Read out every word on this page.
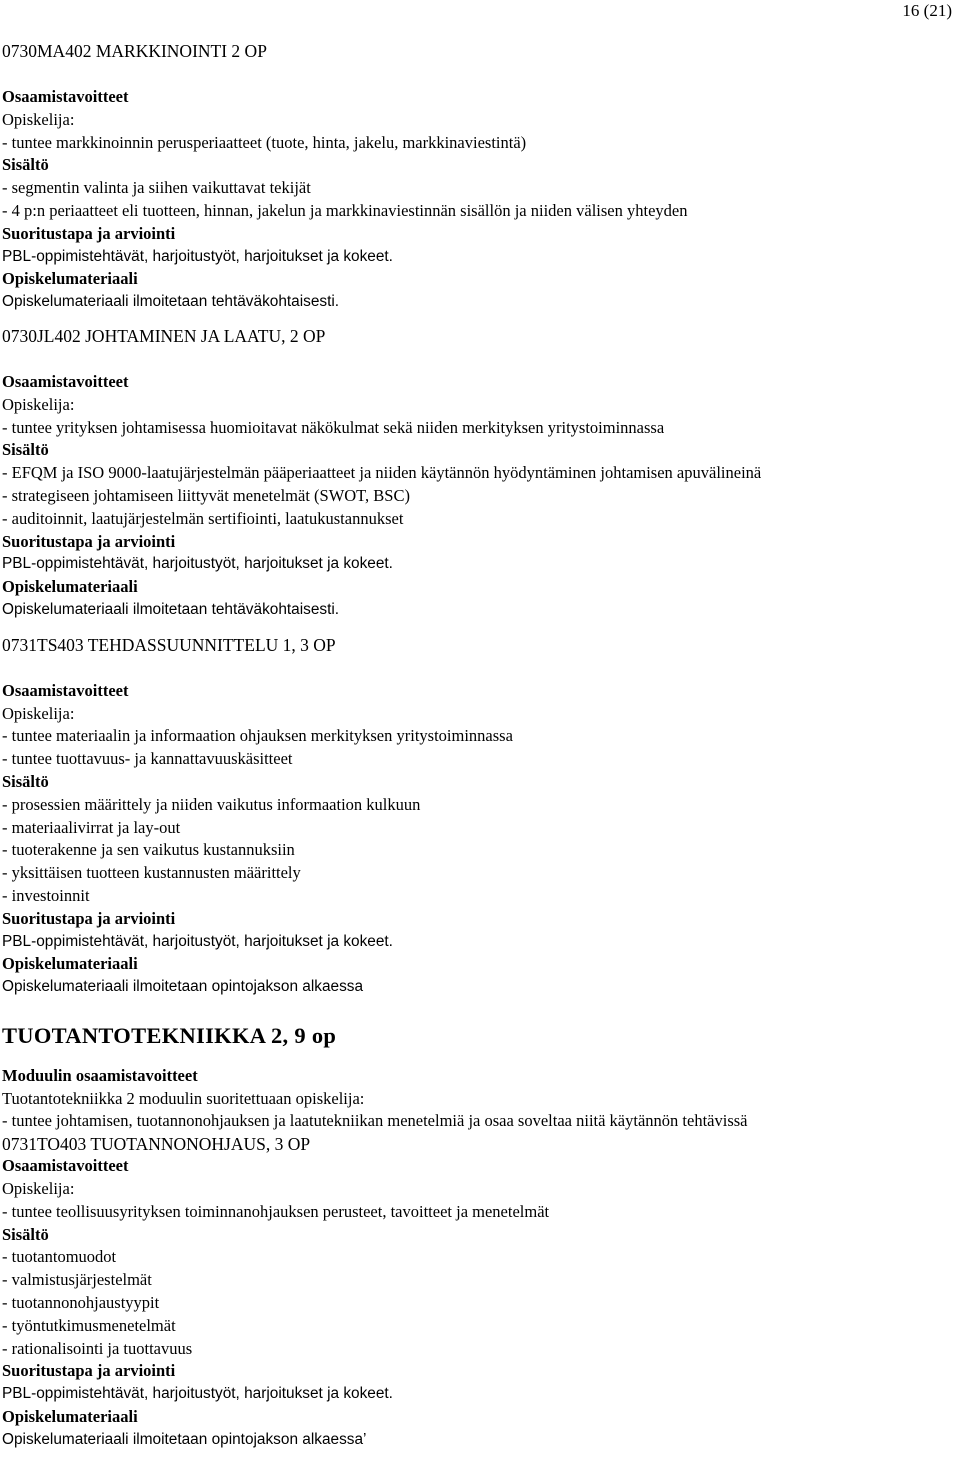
16 (21)
0730MA402 MARKKINOINTI 2 OP
Osaamistavoitteet
Opiskelija:
- tuntee markkinoinnin perusperiaatteet (tuote, hinta, jakelu, markkinaviestintä)
Sisältö
- segmentin valinta ja siihen vaikuttavat tekijät
- 4 p:n periaatteet eli tuotteen, hinnan, jakelun ja markkinaviestinnän sisällön ja niiden välisen yhteyden
Suoritustapa ja arviointi
PBL-oppimistehtävät, harjoitustyöt, harjoitukset ja kokeet.
Opiskelumateriaali
Opiskelumateriaali ilmoitetaan tehtäväkohtaisesti.
0730JL402 JOHTAMINEN JA LAATU, 2 OP
Osaamistavoitteet
Opiskelija:
- tuntee yrityksen johtamisessa huomioitavat näkökulmat sekä niiden merkityksen yritystoiminnassa
Sisältö
- EFQM ja ISO 9000-laatujärjestelmän pääperiaatteet ja niiden käytännön hyödyntäminen johtamisen apuvälineinä
- strategiseen johtamiseen liittyvät menetelmät (SWOT, BSC)
- auditoinnit, laatujärjestelmän sertifiointi, laatukustannukset
Suoritustapa ja arviointi
PBL-oppimistehtävät, harjoitustyöt, harjoitukset ja kokeet.
Opiskelumateriaali
Opiskelumateriaali ilmoitetaan tehtäväkohtaisesti.
0731TS403 TEHDASSUUNNITTELU 1, 3 OP
Osaamistavoitteet
Opiskelija:
- tuntee materiaalin ja informaation ohjauksen merkityksen yritystoiminnassa
- tuntee tuottavuus- ja kannattavuuskäsitteet
Sisältö
- prosessien määrittely ja niiden vaikutus informaation kulkuun
- materiaalivirrat ja lay-out
- tuoterakenne ja sen vaikutus kustannuksiin
- yksittäisen tuotteen kustannusten määrittely
- investoinnit
Suoritustapa ja arviointi
PBL-oppimistehtävät, harjoitustyöt, harjoitukset ja kokeet.
Opiskelumateriaali
Opiskelumateriaali ilmoitetaan opintojakson alkaessa
TUOTANTOTEKNIIKKA 2, 9 op
Moduulin osaamistavoitteet
Tuotantotekniikka 2 moduulin suoritettuaan opiskelija:
- tuntee johtamisen, tuotannonohjauksen ja laatutekniikan menetelmiä ja osaa soveltaa niitä käytännön tehtävissä
0731TO403 TUOTANNONOHJAUS, 3 OP
Osaamistavoitteet
Opiskelija:
- tuntee teollisuusyrityksen toiminnanohjauksen perusteet, tavoitteet ja menetelmät
Sisältö
- tuotantomuodot
- valmistusjärjestelmät
- tuotannonohjaustyypit
- työntutkimusmenetelmät
- rationalisointi ja tuottavuus
Suoritustapa ja arviointi
PBL-oppimistehtävät, harjoitustyöt, harjoitukset ja kokeet.
Opiskelumateriaali
Opiskelumateriaali ilmoitetaan opintojakson alkaessa’
